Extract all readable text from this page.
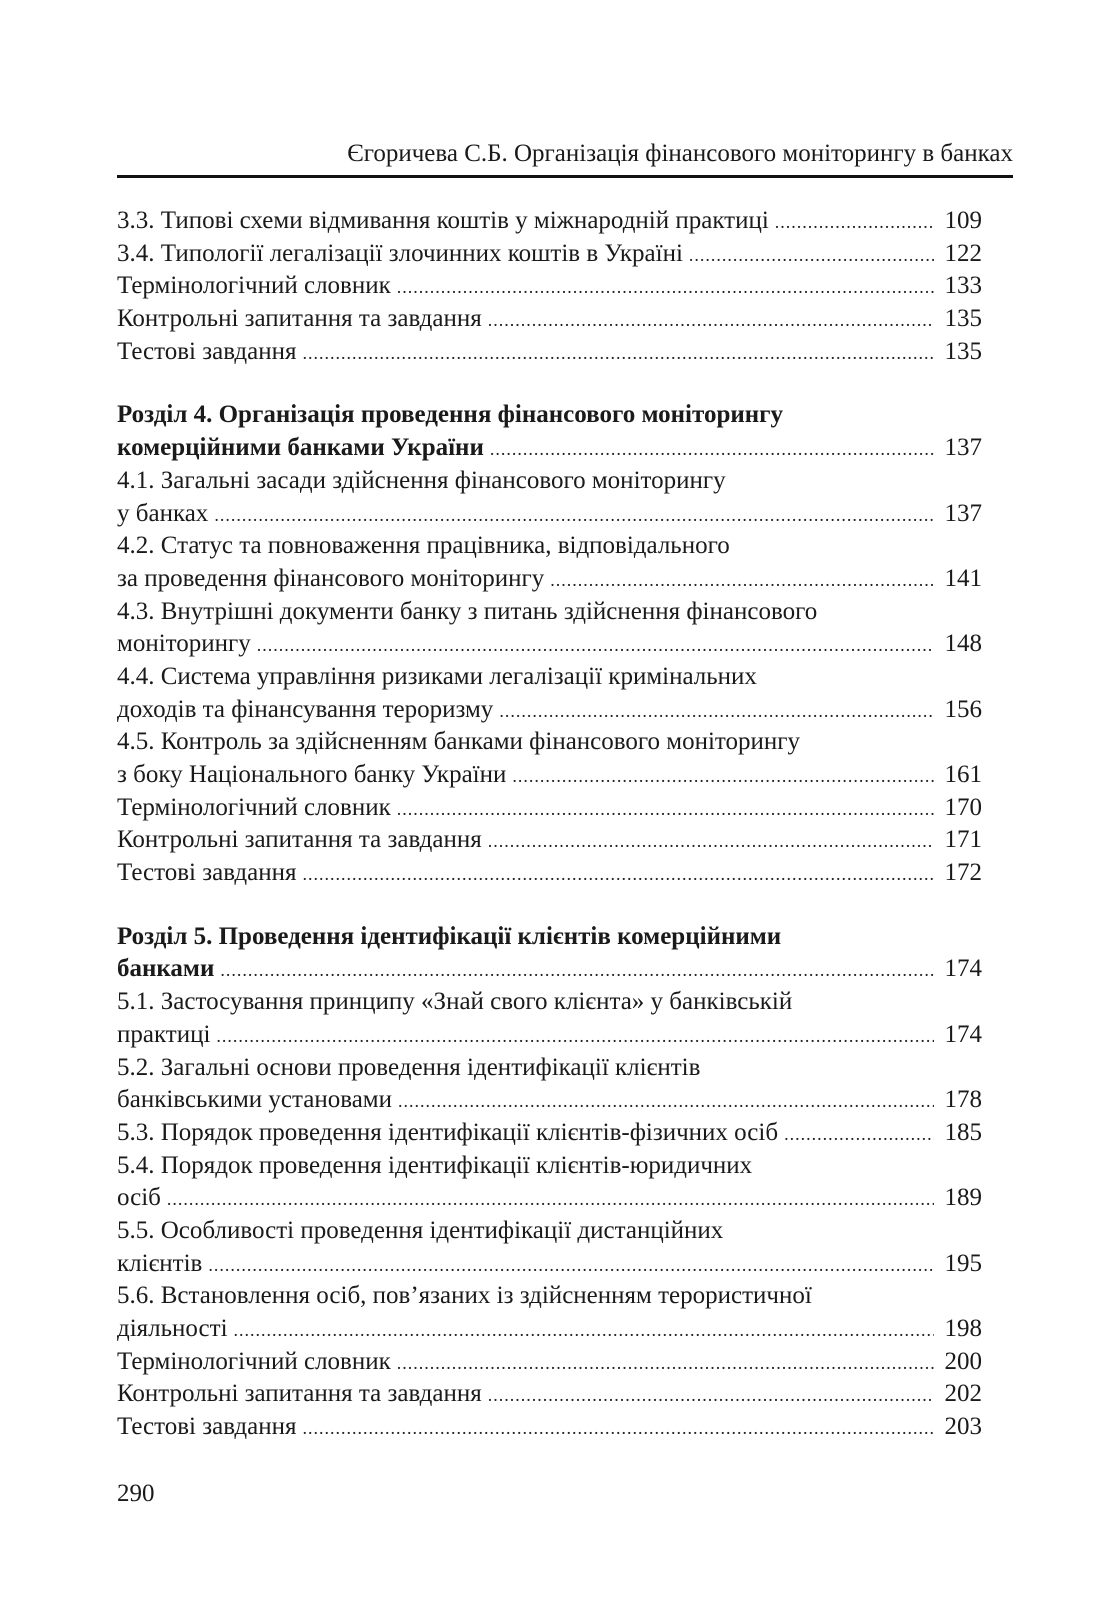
Єгоричева С.Б. Організація фінансового моніторингу в банках
3.3. Типові схеми відмивання коштів у міжнародній практиці .....	109
3.4. Типології легалізації злочинних коштів в Україні .....	122
Термінологічний словник .....	133
Контрольні запитання та завдання .....	135
Тестові завдання .....	135
Розділ 4. Організація проведення фінансового моніторингу
комерційними банками України .....	137
4.1. Загальні засади здійснення фінансового моніторингу
у банках .....	137
4.2. Статус та повноваження працівника, відповідального
за проведення фінансового моніторингу .....	141
4.3. Внутрішні документи банку з питань здійснення фінансового
моніторингу .....	148
4.4. Система управління ризиками легалізації кримінальних
доходів та фінансування тероризму .....	156
4.5. Контроль за здійсненням банками фінансового моніторингу
з боку Національного банку України .....	161
Термінологічний словник .....	170
Контрольні запитання та завдання .....	171
Тестові завдання .....	172
Розділ 5. Проведення ідентифікації клієнтів комерційними
банками .....	174
5.1. Застосування принципу «Знай свого клієнта» у банківській
практиці .....	174
5.2. Загальні основи проведення ідентифікації клієнтів
банківськими установами .....	178
5.3. Порядок проведення ідентифікації клієнтів-фізичних осіб .....	185
5.4. Порядок проведення ідентифікації клієнтів-юридичних
осіб .....	189
5.5. Особливості проведення ідентифікації дистанційних
клієнтів .....	195
5.6. Встановлення осіб, пов’язаних із здійсненням терористичної
діяльності .....	198
Термінологічний словник .....	200
Контрольні запитання та завдання .....	202
Тестові завдання .....	203
290
